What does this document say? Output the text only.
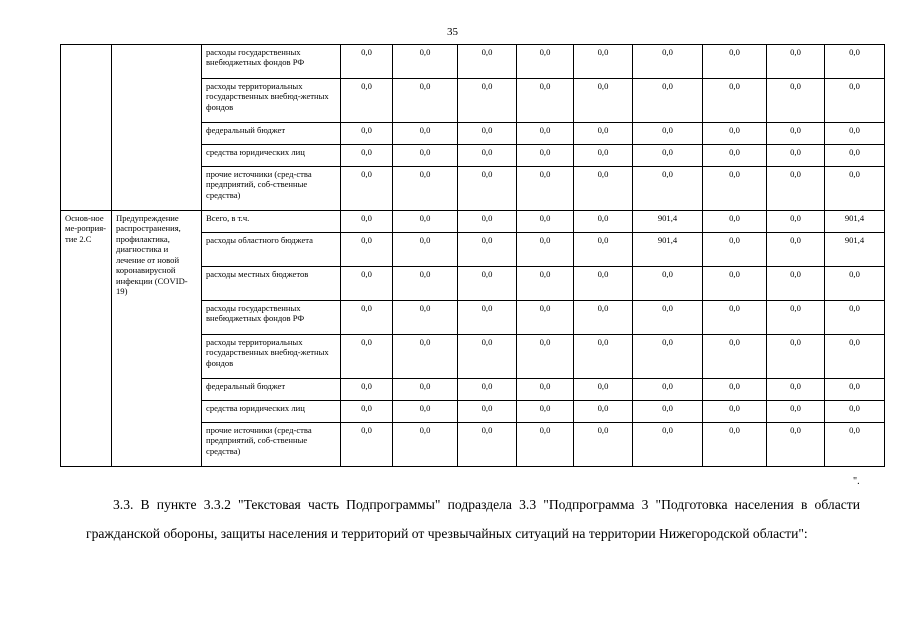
35
		расходы государственных внебюджетных фондов РФ	0,0	0,0	0,0	0,0	0,0	0,0	0,0	0,0	0,0
		расходы территориальных государственных внебюд-жетных фондов	0,0	0,0	0,0	0,0	0,0	0,0	0,0	0,0	0,0
		федеральный бюджет	0,0	0,0	0,0	0,0	0,0	0,0	0,0	0,0	0,0
		средства юридических лиц	0,0	0,0	0,0	0,0	0,0	0,0	0,0	0,0	0,0
		прочие источники (сред-ства предприятий, соб-ственные средства)	0,0	0,0	0,0	0,0	0,0	0,0	0,0	0,0	0,0
Основ-ное ме-роприя-тие 2.С	Предупреждение распространения, профилактика, диагностика и лечение от новой коронавирусной инфекции (COVID-19)	Всего, в т.ч.	0,0	0,0	0,0	0,0	0,0	901,4	0,0	0,0	901,4
		расходы областного бюджета	0,0	0,0	0,0	0,0	0,0	901,4	0,0	0,0	901,4
		расходы местных бюджетов	0,0	0,0	0,0	0,0	0,0	0,0	0,0	0,0	0,0
		расходы государственных внебюджетных фондов РФ	0,0	0,0	0,0	0,0	0,0	0,0	0,0	0,0	0,0
		расходы территориальных государственных внебюд-жетных фондов	0,0	0,0	0,0	0,0	0,0	0,0	0,0	0,0	0,0
		федеральный бюджет	0,0	0,0	0,0	0,0	0,0	0,0	0,0	0,0	0,0
		средства юридических лиц	0,0	0,0	0,0	0,0	0,0	0,0	0,0	0,0	0,0
		прочие источники (сред-ства предприятий, соб-ственные средства)	0,0	0,0	0,0	0,0	0,0	0,0	0,0	0,0	0,0
".
3.3. В пункте 3.3.2 "Текстовая часть Подпрограммы" подраздела 3.3 "Подпрограмма 3 "Подготовка населения в области гражданской обороны, защиты населения и территорий от чрезвычайных ситуаций на территории Нижегородской области":
